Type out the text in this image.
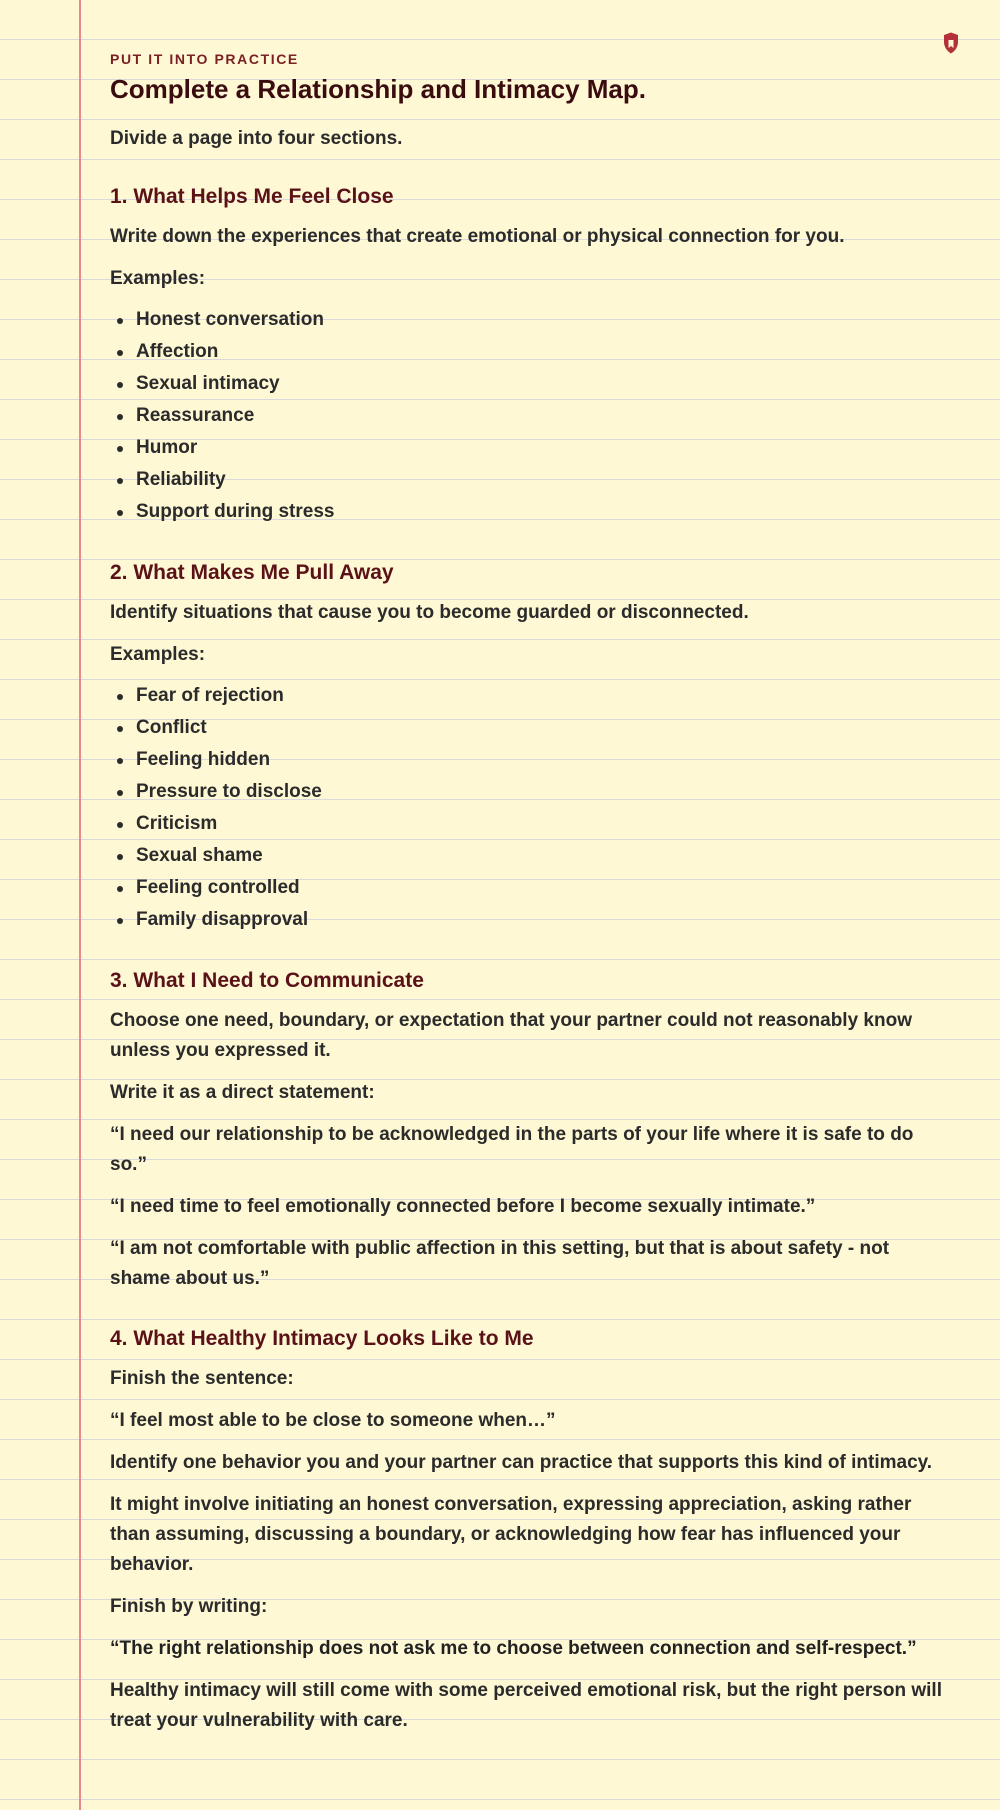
PUT IT INTO PRACTICE
Complete a Relationship and Intimacy Map.

Divide a page into four sections.

1. What Helps Me Feel Close

Write down the experiences that create emotional or physical connection for you.

Examples:

Honest conversation
Affection
Sexual intimacy
Reassurance
Humor
Reliability
Support during stress
2. What Makes Me Pull Away

Identify situations that cause you to become guarded or disconnected.

Examples:

Fear of rejection
Conflict
Feeling hidden
Pressure to disclose
Criticism
Sexual shame
Feeling controlled
Family disapproval
3. What I Need to Communicate

Choose one need, boundary, or expectation that your partner could not reasonably know unless you expressed it.

Write it as a direct statement:

“I need our relationship to be acknowledged in the parts of your life where it is safe to do so.”

“I need time to feel emotionally connected before I become sexually intimate.”

“I am not comfortable with public affection in this setting, but that is about safety - not shame about us.”

4. What Healthy Intimacy Looks Like to Me

Finish the sentence:

“I feel most able to be close to someone when…”

Identify one behavior you and your partner can practice that supports this kind of intimacy.

It might involve initiating an honest conversation, expressing appreciation, asking rather than assuming, discussing a boundary, or acknowledging how fear has influenced your behavior.

Finish by writing:

“The right relationship does not ask me to choose between connection and self-respect.”

Healthy intimacy will still come with some perceived emotional risk, but the right person will treat your vulnerability with care.
